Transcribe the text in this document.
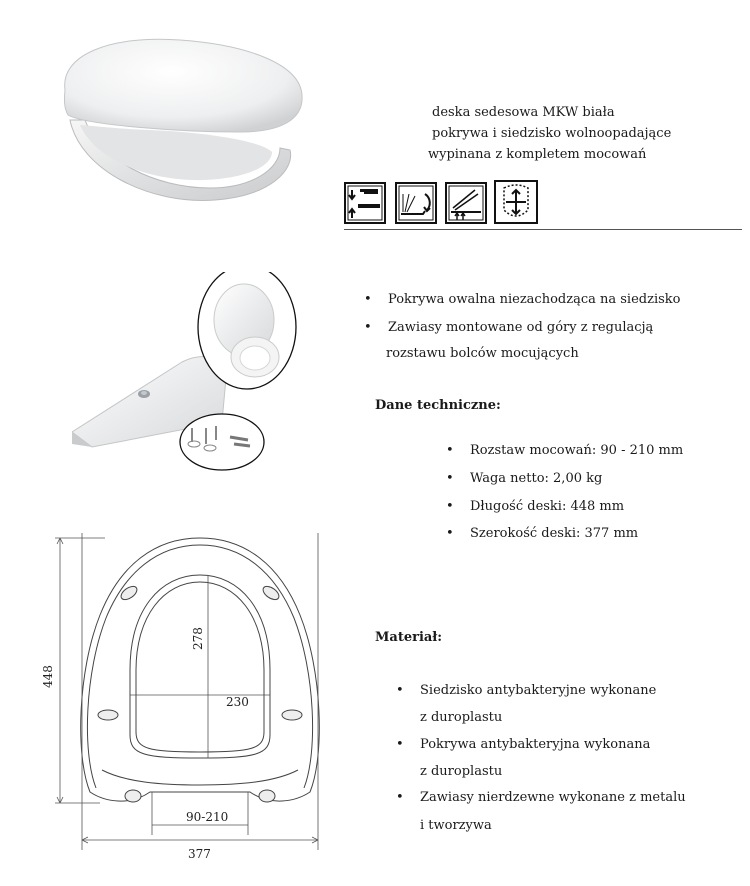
deska sedesowa MKW biała
pokrywa i siedzisko wolnoopadające
wypinana z kompletem mocowań
• Pokrywa owalna niezachodząca na siedzisko
• Zawiasy montowane od góry z regulacją
rozstawu bolców mocujących
Dane techniczne:
• Rozstaw mocowań: 90 - 210 mm
• Waga netto: 2,00 kg
• Długość deski: 448 mm
• Szerokość deski: 377 mm
Materiał:
• Siedzisko antybakteryjne wykonane
z duroplastu
• Pokrywa antybakteryjna wykonana
z duroplastu
• Zawiasy nierdzewne wykonane z metalu
i tworzywa
448
278
230
90-210
377
